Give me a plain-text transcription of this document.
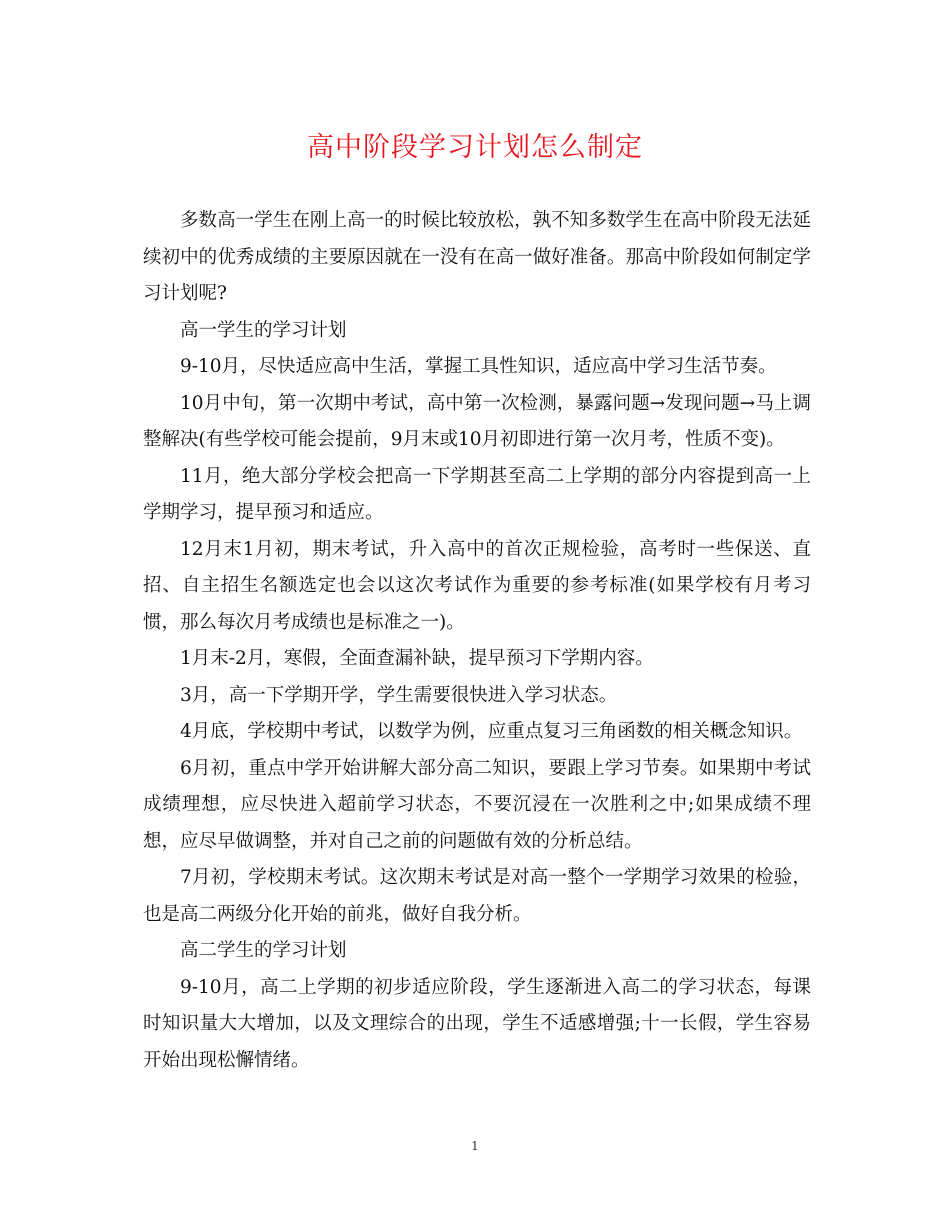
高中阶段学习计划怎么制定

多数高一学生在刚上高一的时候比较放松，孰不知多数学生在高中阶段无法延续初中的优秀成绩的主要原因就在一没有在高一做好准备。那高中阶段如何制定学习计划呢?

高一学生的学习计划

9-10月，尽快适应高中生活，掌握工具性知识，适应高中学习生活节奏。

10月中旬，第一次期中考试，高中第一次检测，暴露问题→发现问题→马上调整解决(有些学校可能会提前，9月末或10月初即进行第一次月考，性质不变)。

11月，绝大部分学校会把高一下学期甚至高二上学期的部分内容提到高一上学期学习，提早预习和适应。

12月末1月初，期末考试，升入高中的首次正规检验，高考时一些保送、直招、自主招生名额选定也会以这次考试作为重要的参考标准(如果学校有月考习惯，那么每次月考成绩也是标准之一)。

1月末-2月，寒假，全面查漏补缺，提早预习下学期内容。

3月，高一下学期开学，学生需要很快进入学习状态。

4月底，学校期中考试，以数学为例，应重点复习三角函数的相关概念知识。

6月初，重点中学开始讲解大部分高二知识，要跟上学习节奏。如果期中考试成绩理想，应尽快进入超前学习状态，不要沉浸在一次胜利之中;如果成绩不理想，应尽早做调整，并对自己之前的问题做有效的分析总结。

7月初，学校期末考试。这次期末考试是对高一整个一学期学习效果的检验，也是高二两级分化开始的前兆，做好自我分析。

高二学生的学习计划

9-10月，高二上学期的初步适应阶段，学生逐渐进入高二的学习状态，每课时知识量大大增加，以及文理综合的出现，学生不适感增强;十一长假，学生容易开始出现松懈情绪。

1
